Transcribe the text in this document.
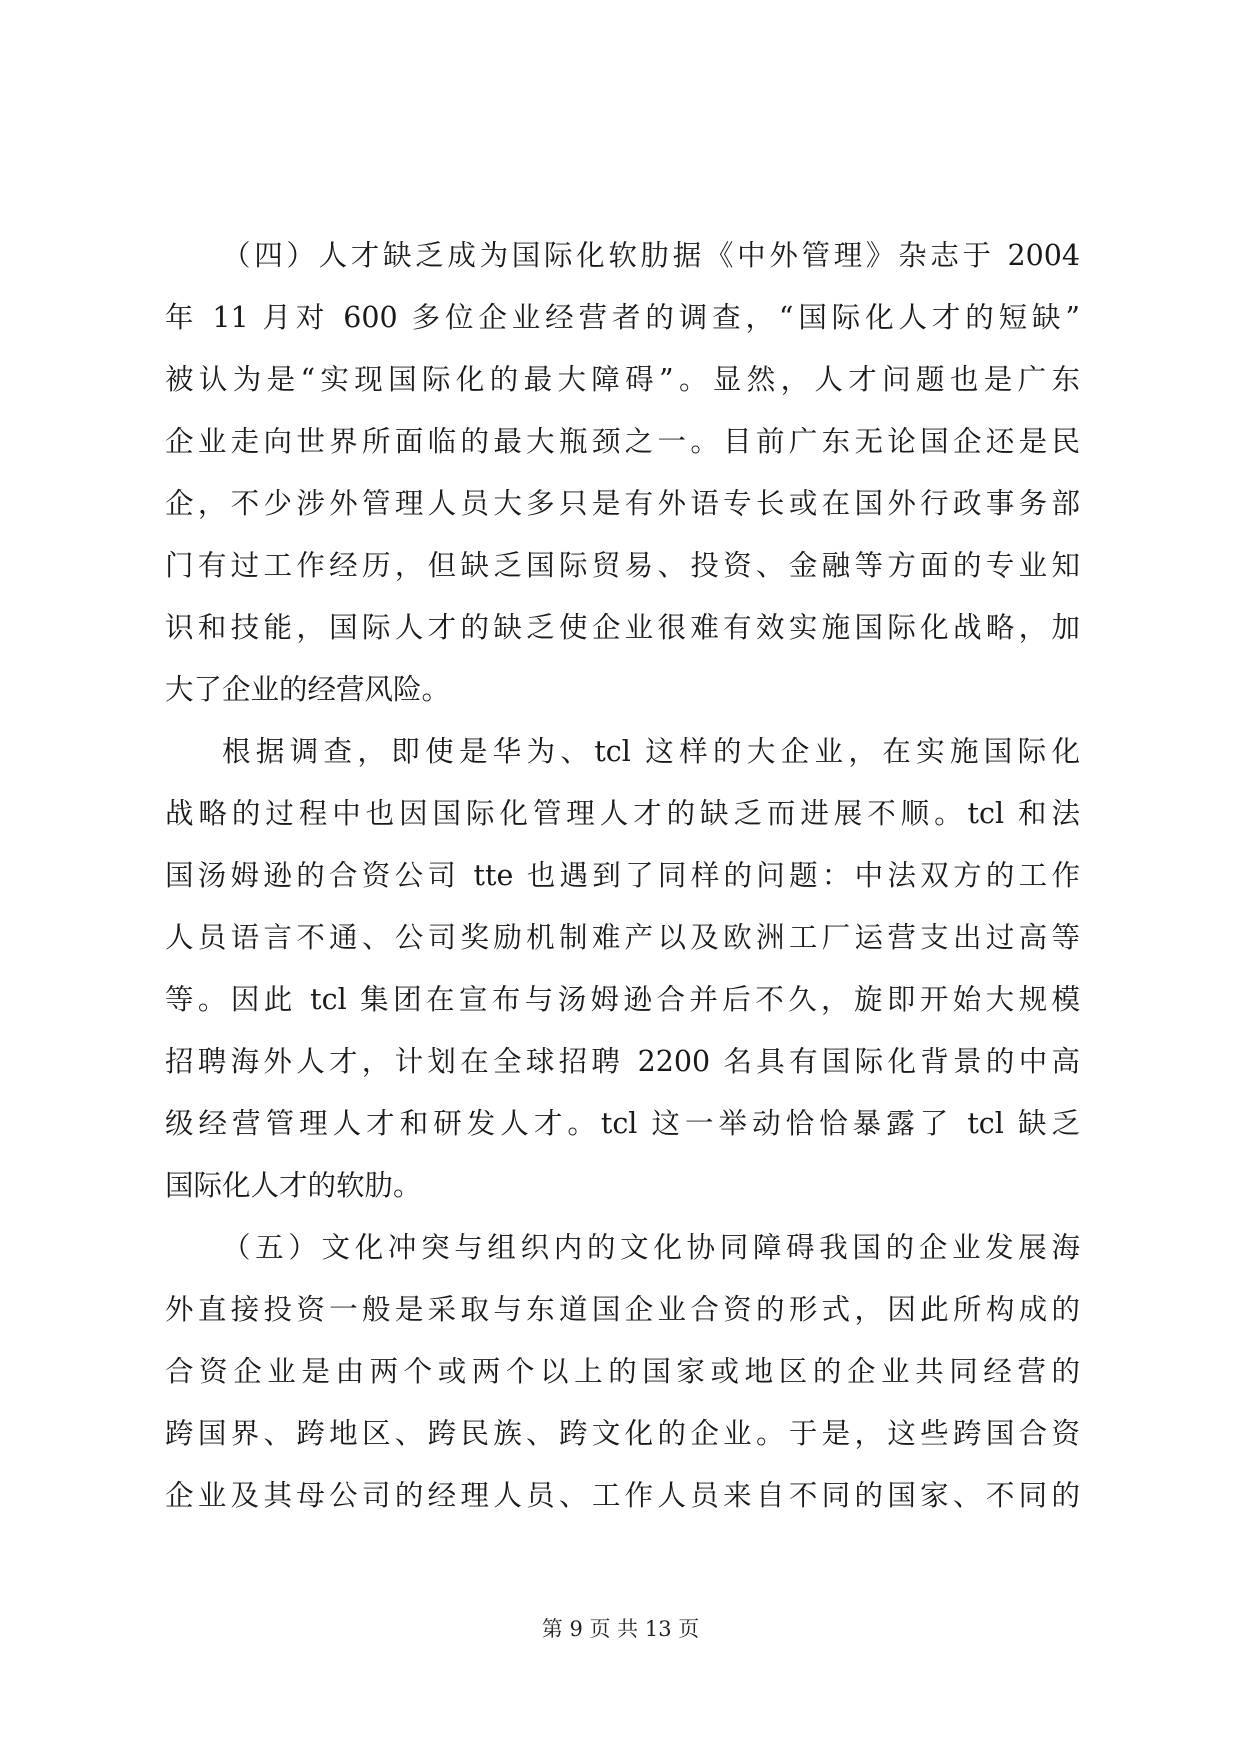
（四）人才缺乏成为国际化软肋据《中外管理》杂志于 2004
年 11 月对 600 多位企业经营者的调查，“国际化人才的短缺”
被认为是“实现国际化的最大障碍”。显然，人才问题也是广东
企业走向世界所面临的最大瓶颈之一。目前广东无论国企还是民
企，不少涉外管理人员大多只是有外语专长或在国外行政事务部
门有过工作经历，但缺乏国际贸易、投资、金融等方面的专业知
识和技能，国际人才的缺乏使企业很难有效实施国际化战略，加
大了企业的经营风险。
根据调查，即使是华为、tcl 这样的大企业，在实施国际化
战略的过程中也因国际化管理人才的缺乏而进展不顺。tcl 和法
国汤姆逊的合资公司 tte 也遇到了同样的问题：中法双方的工作
人员语言不通、公司奖励机制难产以及欧洲工厂运营支出过高等
等。因此 tcl 集团在宣布与汤姆逊合并后不久，旋即开始大规模
招聘海外人才，计划在全球招聘 2200 名具有国际化背景的中高
级经营管理人才和研发人才。tcl 这一举动恰恰暴露了 tcl 缺乏
国际化人才的软肋。
（五）文化冲突与组织内的文化协同障碍我国的企业发展海
外直接投资一般是采取与东道国企业合资的形式，因此所构成的
合资企业是由两个或两个以上的国家或地区的企业共同经营的
跨国界、跨地区、跨民族、跨文化的企业。于是，这些跨国合资
企业及其母公司的经理人员、工作人员来自不同的国家、不同的
第 9 页 共 13 页
